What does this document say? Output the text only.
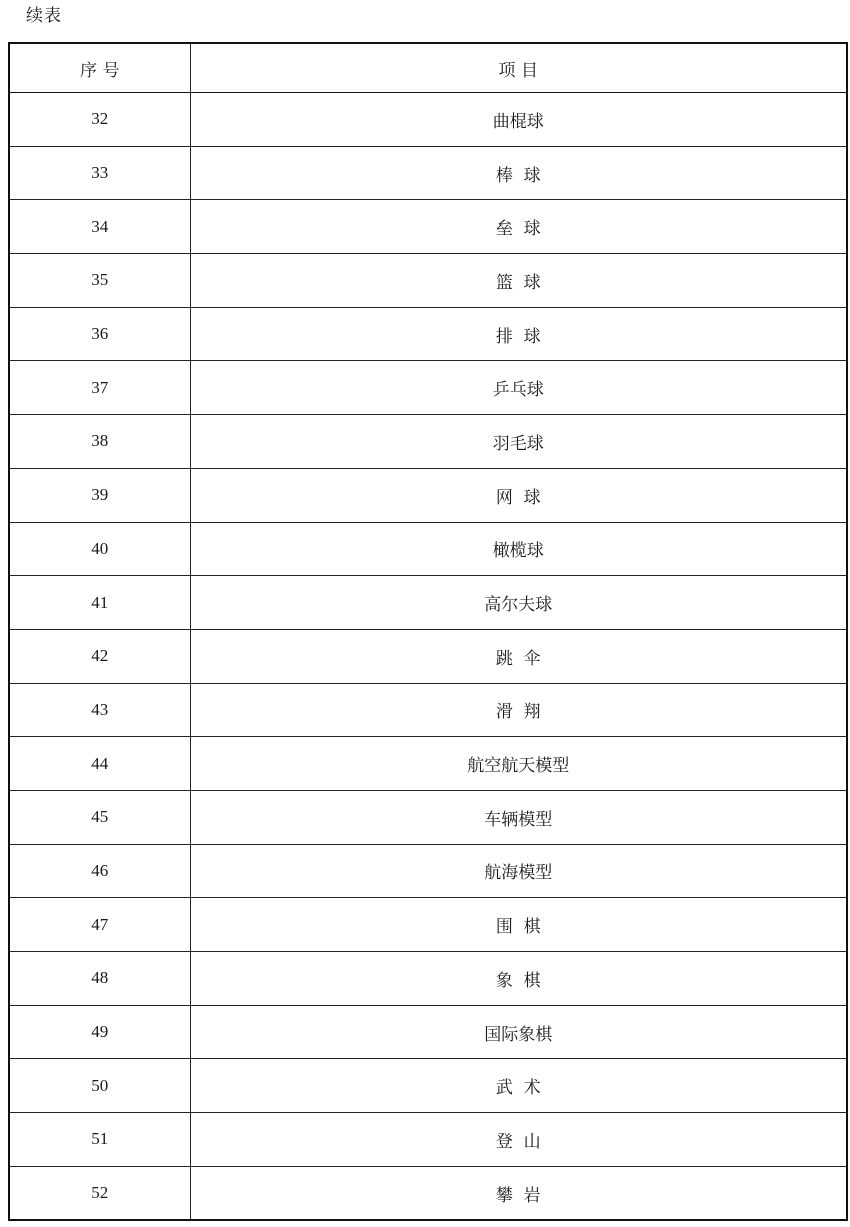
续表
序 号	项 目
32	曲棍球
33	棒  球
34	垒  球
35	篮  球
36	排  球
37	乒乓球
38	羽毛球
39	网  球
40	橄榄球
41	高尔夫球
42	跳  伞
43	滑  翔
44	航空航天模型
45	车辆模型
46	航海模型
47	围  棋
48	象  棋
49	国际象棋
50	武  术
51	登  山
52	攀  岩
